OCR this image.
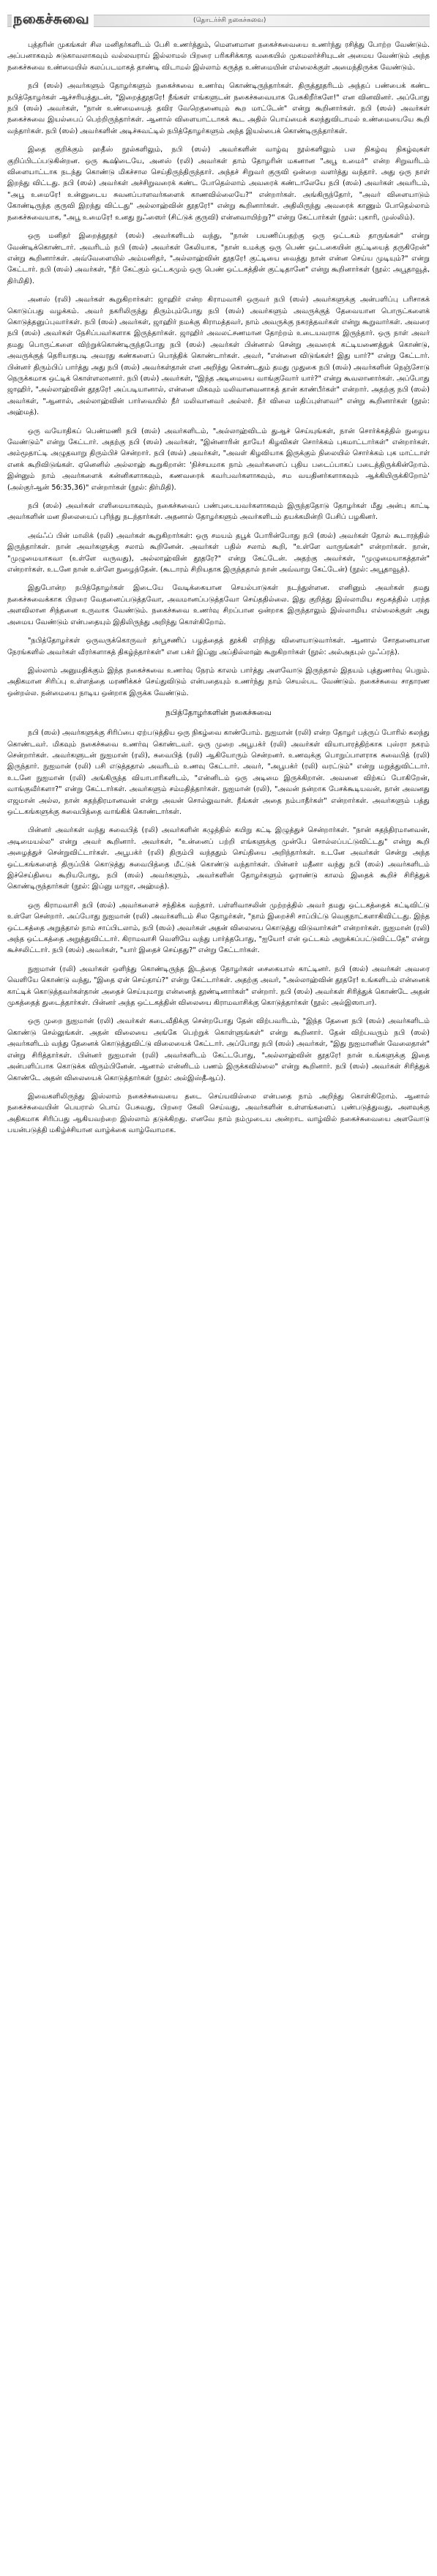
நகைச்சுவை	(தொடர்ச்சி நகைச்சுவை)

புத்தரின் முகங்கள் சில மனிதர்களிடம் பேசி உணர்த்தும், மெளனமான நகைச்சுவையை உணர்ந்து ரசித்து போற்ற வேண்டும். அப்பனாகவும் சுடுகாவலாகவும் வல்லவராய் இல்லாமல் பிறரை பரிகசிக்காத வகையில் முகமலர்ச்சியுடன் அமைய வேண்டும் அந்த நகைச்சுவை உண்மையில் கலப்படமாகத் தாண்டி விடாமல் இல்லாம் கருத்த உண்மையின் எல்லைக்குள் அமைந்திருக்க வேண்டும்.

நபி (ஸல்) அவர்களும் தோழர்களும் நகைச்சுவை உணர்வு கொண்டிருந்தார்கள். திருத்தூதரிடம் அந்தப் பண்பைக் கண்ட நபித்தோழர்கள் ஆச்சரியத்துடன், "இறைத்தூதரே! நீங்கள் எங்களுடன் நகைச்சுவையாக பேசுகிறீர்களே!" என வினவினர். அப்போது நபி (ஸல்) அவர்கள், "நான் உண்மையைத் தவிர வேறெதனையும் கூற மாட்டேன்" என்று கூறினார்கள். நபி (ஸல்) அவர்கள் நகைச்சுவை இயல்பைப் பெற்றிருந்தார்கள். ஆனால் விளையாட்டாகக் கூட அதில் பொய்மைக் கலந்துவிடாமல் உண்மையையே கூறி வந்தார்கள். நபி (ஸல்) அவர்களின் அடிச்சுவட்டில் நபித்தோழர்களும் அந்த இயல்பைக் கொண்டிருந்தார்கள்.

இதை குறிக்கும் ஹதீஸ் நூல்களிலும், நபி (ஸல்) அவர்களின் வாழ்வு நூல்களிலும் பல நிகழ்வு நிகழ்வுகள் குறிப்பிடப்படுகின்றன. ஒரு கூஷிடையே, அனஸ் (ரலி) அவர்கள் தாம் தோழரின் மகனான "அபூ உமைர்" என்ற சிறுவரிடம் விளையாட்டாக நடந்து கொண்டு மிகச்சால செய்திருந்திருந்தார். அந்தச் சிறுவர் குருவி ஒன்றை வளர்த்து வந்தார். அது ஒரு நாள் இறந்து விட்டது. நபி (ஸல்) அவர்கள் அச்சிறுவரைக் கண்ட போதெல்லாம் அவரைக் கண்டாலேயே நபி (ஸல்) அவர்கள் அவரிடம், "அபூ உமைரே! உன்னுடைய சுவனப்பாளவர்களைக் காணவில்லையே?" என்றார்கள். அங்கிருந்தோர், "அவர் விளையாடும் கோண்டிருந்த குருவி இறந்து விட்டது" அல்லாஹ்வின் தூதரே!" என்று கூறினார்கள். அதிலிருந்து அவரைக் காணும் போதெல்லாம் நகைச்சுவையாக, "அபூ உமைரே! உனது நுஃஸைர் (சிட்டுக் குருவி) என்னவாயிற்று?" என்று கேட்பார்கள் (நூல்: புகாரி, முஸ்லிம்).

ஒரு மனிதர் இறைத்தூதர் (ஸல்) அவர்களிடம் வந்து, "நான் பயணிப்பதற்கு ஒரு ஒட்டகம் தாருங்கள்" என்று வேண்டிக்கொண்டார். அவரிடம் நபி (ஸல்) அவர்கள் கேலியாக, "நான் உமக்கு ஒரு பெண் ஒட்டகையின் குட்டியைத் தருகிறேன்" என்று கூறினார்கள். அவ்வேளையில் அம்மனிதர், "அல்லாஹ்வின் தூதரே! குட்டியை வைத்து நான் என்ன செய்ய முடியும்?" என்று கேட்டார். நபி (ஸல்) அவர்கள், "நீர் கேட்கும் ஒட்டகமும் ஒரு பெண் ஒட்டகத்தின் குட்டிதானே" என்று கூறினார்கள் (நூல்: அபூதாவூத், திர்மிதி).

அனஸ் (ரலி) அவர்கள் கூறுகிறார்கள்: ஜாஹிர் என்ற கிராமவாசி ஒருவர் நபி (ஸல்) அவர்களுக்கு அன்பளிப்பு பரிசாகக் கொடுப்பது வழக்கம். அவர் நகரிலிருந்து திரும்பும்போது நபி (ஸல்) அவர்களும் அவருக்குத் தேவையான பொருட்களைக் கொடுத்தனுப்புவார்கள். நபி (ஸல்) அவர்கள், ஜாஹிர் நமக்கு கிராமத்தவர், நாம் அவருக்கு நகரத்தவர்கள் என்று கூறுவார்கள். அவரை நபி (ஸல்) அவர்கள் நேசிப்பவர்களாக இருந்தார்கள். ஜாஹிர் அவலட்சணமான தோற்றம் உடையவராக இருந்தார். ஒரு நாள் அவர் தமது பொருட்களை விற்றுக்கொண்டிருந்தபோது நபி (ஸல்) அவர்கள் பின்னால் சென்று அவரைக் கட்டியணைத்துக் கொண்டு, அவருக்குத் தெரியாதபடி அவரது கண்களைப் பொத்திக் கொண்டார்கள். அவர், "என்னை விடுங்கள்! இது யார்?" என்று கேட்டார். பின்னர் திரும்பிப் பார்த்து அது நபி (ஸல்) அவர்கள்தான் என அறிந்து கொண்டதும் தமது முதுகை நபி (ஸல்) அவர்களின் நெஞ்சோடு நெருக்கமாக ஒட்டிக் கொள்ளலானார். நபி (ஸல்) அவர்கள், "இந்த அடிமையை வாங்குவோர் யார்?" என்று கூவலானார்கள். அப்போது ஜாஹிர், "அல்லாஹ்வின் தூதரே! அப்படியானால், என்னை மிகவும் மலிவானவனாகத் தான் காண்பீர்கள்" என்றார். அதற்கு நபி (ஸல்) அவர்கள், "ஆனால், அல்லாஹ்வின் பார்வையில் நீர் மலிவானவர் அல்லர். நீர் விலை மதிப்புள்ளவர்" என்று கூறினார்கள் (நூல்: அஹ்மத்).

ஒரு வயோதிகப் பெண்மணி நபி (ஸல்) அவர்களிடம், "அல்லாஹ்விடம் துஆச் செய்யுங்கள், நான் சொர்க்கத்தில் நுழைய வேண்டும்" என்று கேட்டார். அதற்கு நபி (ஸல்) அவர்கள், "இன்னாரின் தாயே! கிழவிகள் சொர்க்கம் புகமாட்டார்கள்" என்றார்கள். அம்மூதாட்டி அழுதவாறு திரும்பிச் சென்றார். நபி (ஸல்) அவர்கள், "அவள் கிழவியாக இருக்கும் நிலையில் சொர்க்கம் புக மாட்டாள் எனக் கூறிவிடுங்கள். ஏனெனில் அல்லாஹ் கூறுகிறான்: 'நிச்சயமாக நாம் அவர்களைப் புதிய படைப்பாகப் படைத்திருக்கின்றோம். இன்னும் நாம் அவர்களைக் கன்னிகளாகவும், கணவரைக் கவர்பவர்களாகவும், சம வயதினர்களாகவும் ஆக்கியிருக்கிறோம்' (அல்குர்ஆன் 56:35,36)" என்றார்கள் (நூல்: திர்மிதி).

நபி (ஸல்) அவர்கள் எளிமையாகவும், நகைச்சுவைப் பண்புடையவர்களாகவும் இருந்ததோடு தோழர்கள் மீது அன்பு காட்டி அவர்களின் மன நிலையைப் புரிந்து நடந்தார்கள். அதனால் தோழர்களும் அவர்களிடம் தயக்கமின்றி பேசிப் பழகினர்.

அவ்ஃப் பின் மாலிக் (ரலி) அவர்கள் கூறுகிறார்கள்: ஒரு சமயம் தபூக் போரின்போது நபி (ஸல்) அவர்கள் தோல் கூடாரத்தில் இருந்தார்கள். நான் அவர்களுக்கு சலாம் கூறினேன். அவர்கள் பதில் சலாம் கூறி, "உள்ளே வாருங்கள்" என்றார்கள். நான், "முழுமையாகவா (உள்ளே வருவது), அல்லாஹ்வின் தூதரே?" என்று கேட்டேன். அதற்கு அவர்கள், "முழுமையாகத்தான்" என்றார்கள். உடனே நான் உள்ளே நுழைந்தேன். (கூடாரம் சிறியதாக இருந்ததால் நான் அவ்வாறு கேட்டேன்) (நூல்: அபூதாவூத்).

இதுபோன்ற நபித்தோழர்கள் இடையே வேடிக்கையான செயல்பாடுகள் நடந்துள்ளன. எனினும் அவர்கள் தமது நகைச்சுவைக்காக பிறரை வேதனைப்படுத்தவோ, அவமானப்படுத்தவோ செய்ததில்லை. இது குறித்து இஸ்லாமிய சமூகத்தில் பரந்த அளவிலான சிந்தனை உருவாக வேண்டும். நகைச்சுவை உணர்வு சிறப்பான ஒன்றாக இருந்தாலும் இஸ்லாமிய எல்லைக்குள் அது அமைய வேண்டும் என்பதையும் இதிலிருந்து அறிந்து கொள்கிறோம்.

"நபித்தோழர்கள் ஒருவருக்கொருவர் தர்பூசணிப் பழத்தைத் தூக்கி எறிந்து விளையாடுவார்கள். ஆனால் சோதனையான நேரங்களில் அவர்கள் வீரர்களாகத் திகழ்ந்தார்கள்" என பக்ர் இப்னு அப்தில்லாஹ் கூறுகிறார்கள் (நூல்: அல்அதபுல் முஃப்ரத்).

இஸ்லாம் அனுமதிக்கும் இந்த நகைச்சுவை உணர்வு நேரம் காலம் பார்த்து அளவோடு இருந்தால் இதயம் புத்துணர்வு பெறும். அதிகமான சிரிப்பு உள்ளத்தை மரணிக்கச் செய்துவிடும் என்பதையும் உணர்ந்து நாம் செயல்பட வேண்டும். நகைச்சுவை சாதாரண ஒன்றல்ல. நன்மையை நாடிய ஒன்றாக இருக்க வேண்டும்.

நபித்தோழர்களின் நகைச்சுவை

நபி (ஸல்) அவர்களுக்கு சிரிப்பை ஏற்படுத்திய ஒரு நிகழ்வை காண்போம். நுஐமான் (ரலி) என்ற தோழர் பத்ருப் போரில் கலந்து கொண்டவர். மிகவும் நகைச்சுவை உணர்வு கொண்டவர். ஒரு முறை அபூபக்ர் (ரலி) அவர்கள் வியாபாரத்திற்காக புஸ்ரா நகரம் சென்றார்கள். அவர்களுடன் நுஐமான் (ரலி), சுவைபித் (ரலி) ஆகியோரும் சென்றனர். உணவுக்கு பொறுப்பாளராக சுவைபித் (ரலி) இருந்தார். நுஐமான் (ரலி) பசி எடுத்ததால் அவரிடம் உணவு கேட்டார். அவர், "அபூபக்ர் (ரலி) வரட்டும்" என்று மறுத்துவிட்டார். உடனே நுஐமான் (ரலி) அங்கிருந்த வியாபாரிகளிடம், "என்னிடம் ஒரு அடிமை இருக்கிறான். அவனை விற்கப் போகிறேன், வாங்குவீர்களா?" என்று கேட்டார்கள். அவர்களும் சம்மதித்தார்கள். நுஐமான் (ரலி), "அவன் நன்றாக பேசக்கூடியவன், நான் அவனது எஜமான் அல்ல, நான் சுதந்திரமானவன் என்று அவன் சொல்லுவான். நீங்கள் அதை நம்பாதீர்கள்" என்றார்கள். அவர்களும் பத்து ஒட்டகங்களுக்கு சுவைபித்தை வாங்கிக் கொண்டார்கள்.

பின்னர் அவர்கள் வந்து சுவைபித் (ரலி) அவர்களின் கழுத்தில் கயிறு கட்டி இழுத்துச் சென்றார்கள். "நான் சுதந்திரமானவன், அடிமையல்ல" என்று அவர் கூறினார். அவர்கள், "உன்னைப் பற்றி எங்களுக்கு முன்பே சொல்லப்பட்டுவிட்டது" என்று கூறி அழைத்துச் சென்றுவிட்டார்கள். அபூபக்ர் (ரலி) திரும்பி வந்ததும் செய்தியை அறிந்தார்கள். உடனே அவர்கள் சென்று அந்த ஒட்டகங்களைத் திருப்பிக் கொடுத்து சுவைபித்தை மீட்டுக் கொண்டு வந்தார்கள். பின்னர் மதீனா வந்து நபி (ஸல்) அவர்களிடம் இச்செய்தியை கூறியபோது, நபி (ஸல்) அவர்களும், அவர்களின் தோழர்களும் ஓராண்டு காலம் இதைக் கூறிச் சிரித்துக் கொண்டிருந்தார்கள் (நூல்: இப்னு மாஜா, அஹ்மத்).

ஒரு கிராமவாசி நபி (ஸல்) அவர்களைச் சந்திக்க வந்தார். பள்ளிவாசலின் முற்றத்தில் அவர் தமது ஒட்டகத்தைக் கட்டிவிட்டு உள்ளே சென்றார். அப்போது நுஐமான் (ரலி) அவர்களிடம் சில தோழர்கள், "நாம் இறைச்சி சாப்பிட்டு வெகுநாட்களாகிவிட்டது. இந்த ஒட்டகத்தை அறுத்தால் நாம் சாப்பிடலாம், நபி (ஸல்) அவர்கள் அதன் விலையை கொடுத்து விடுவார்கள்" என்றார்கள். நுஐமான் (ரலி) அந்த ஒட்டகத்தை அறுத்துவிட்டார். கிராமவாசி வெளியே வந்து பார்த்தபோது, "ஐயோ! என் ஒட்டகம் அறுக்கப்பட்டுவிட்டதே" என்று கூச்சலிட்டார். நபி (ஸல்) அவர்கள், "யார் இதைச் செய்தது?" என்று கேட்டார்கள்.

நுஐமான் (ரலி) அவர்கள் ஒளிந்து கொண்டிருந்த இடத்தை தோழர்கள் சைகையால் காட்டினர். நபி (ஸல்) அவர்கள் அவரை வெளியே கொண்டு வந்து, "இதை ஏன் செய்தாய்?" என்று கேட்டார்கள். அதற்கு அவர், "அல்லாஹ்வின் தூதரே! உங்களிடம் என்னைக் காட்டிக் கொடுத்தவர்கள்தான் அதைச் செய்யுமாறு என்னைத் தூண்டினார்கள்" என்றார். நபி (ஸல்) அவர்கள் சிரித்துக் கொண்டே அதன் முகத்தைத் துடைத்தார்கள். பின்னர் அந்த ஒட்டகத்தின் விலையை கிராமவாசிக்கு கொடுத்தார்கள் (நூல்: அல்இஸாபா).

ஒரு முறை நுஐமான் (ரலி) அவர்கள் கடைவீதிக்கு சென்றபோது தேன் விற்பவரிடம், "இந்த தேனை நபி (ஸல்) அவர்களிடம் கொண்டு செல்லுங்கள். அதன் விலையை அங்கே பெற்றுக் கொள்ளுங்கள்" என்று கூறினார். தேன் விற்பவரும் நபி (ஸல்) அவர்களிடம் வந்து தேனைக் கொடுத்துவிட்டு விலையைக் கேட்டார். அப்போது நபி (ஸல்) அவர்கள், "இது நுஐமானின் வேலைதான்" என்று சிரித்தார்கள். பின்னர் நுஐமான் (ரலி) அவர்களிடம் கேட்டபோது, "அல்லாஹ்வின் தூதரே! நான் உங்களுக்கு இதை அன்பளிப்பாக கொடுக்க விரும்பினேன். ஆனால் என்னிடம் பணம் இருக்கவில்லை" என்று கூறினார். நபி (ஸல்) அவர்கள் சிரித்துக் கொண்டே அதன் விலையைக் கொடுத்தார்கள் (நூல்: அல்இஸ்தீஆப்).

இவைகளிலிருந்து இஸ்லாம் நகைச்சுவையை தடை செய்யவில்லை என்பதை நாம் அறிந்து கொள்கிறோம். ஆனால் நகைச்சுவையின் பெயரால் பொய் பேசுவது, பிறரை கேலி செய்வது, அவர்களின் உள்ளங்களைப் புண்படுத்துவது, அளவுக்கு அதிகமாக சிரிப்பது ஆகியவற்றை இஸ்லாம் தடுக்கிறது. எனவே நாம் நம்முடைய அன்றாட வாழ்வில் நகைச்சுவையை அளவோடு பயன்படுத்தி மகிழ்ச்சியான வாழ்க்கை வாழ்வோமாக.
